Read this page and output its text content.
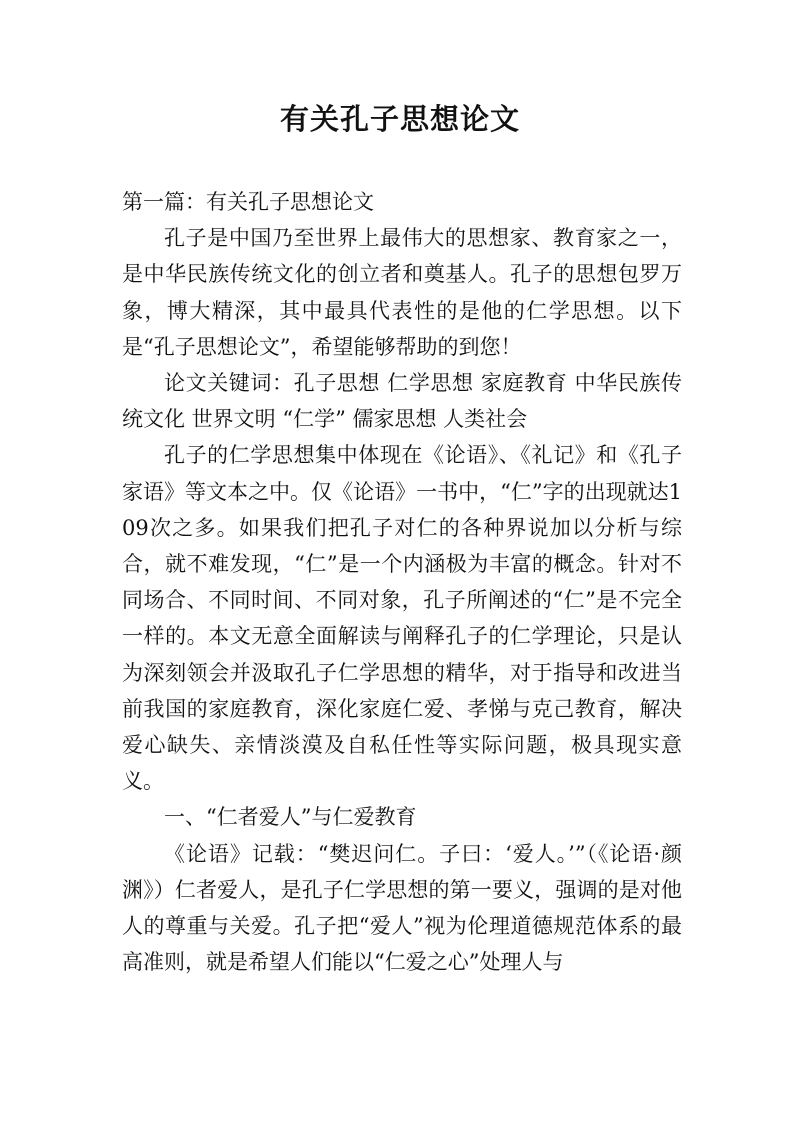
有关孔子思想论文

第一篇：有关孔子思想论文

孔子是中国乃至世界上最伟大的思想家、教育家之一，是中华民族传统文化的创立者和奠基人。孔子的思想包罗万象，博大精深，其中最具代表性的是他的仁学思想。以下是“孔子思想论文”，希望能够帮助的到您！

论文关键词：孔子思想 仁学思想 家庭教育 中华民族传统文化 世界文明 “仁学” 儒家思想 人类社会

孔子的仁学思想集中体现在《论语》、《礼记》和《孔子家语》等文本之中。仅《论语》一书中，“仁”字的出现就达109次之多。如果我们把孔子对仁的各种界说加以分析与综合，就不难发现，“仁”是一个内涵极为丰富的概念。针对不同场合、不同时间、不同对象，孔子所阐述的“仁”是不完全一样的。本文无意全面解读与阐释孔子的仁学理论，只是认为深刻领会并汲取孔子仁学思想的精华，对于指导和改进当前我国的家庭教育，深化家庭仁爱、孝悌与克己教育，解决爱心缺失、亲情淡漠及自私任性等实际问题，极具现实意义。

一、“仁者爱人”与仁爱教育

《论语》记载：“樊迟问仁。子曰：‘爱人。’”（《论语·颜渊》）仁者爱人，是孔子仁学思想的第一要义，强调的是对他人的尊重与关爱。孔子把“爱人”视为伦理道德规范体系的最高准则，就是希望人们能以“仁爱之心”处理人与
